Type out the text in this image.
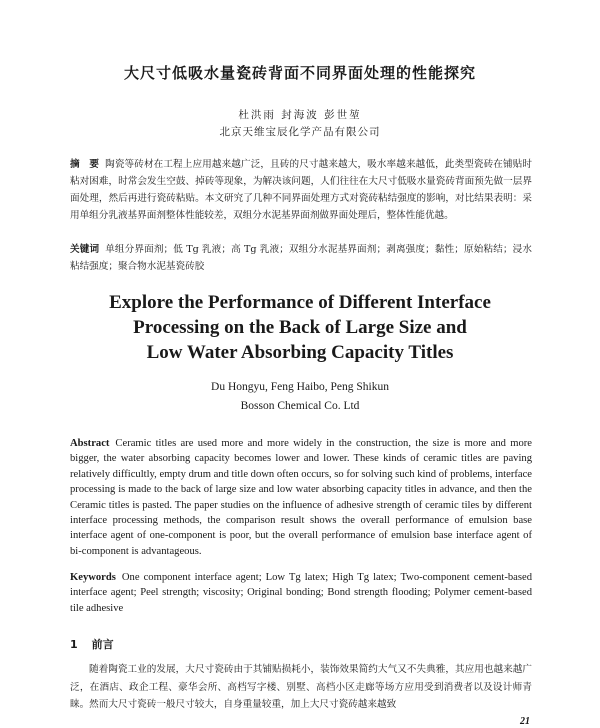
大尺寸低吸水量瓷砖背面不同界面处理的性能探究
杜洪雨 封海波 彭世堃
北京天维宝辰化学产品有限公司
摘　要 陶瓷等砖材在工程上应用越来越广泛，且砖的尺寸越来越大，吸水率越来越低，此类型瓷砖在铺贴时粘对困难，时常会发生空鼓、掉砖等现象，为解决该问题，人们往往在大尺寸低吸水量瓷砖背面预先做一层界面处理，然后再进行瓷砖粘贴。本文研究了几种不同界面处理方式对瓷砖粘结强度的影响，对比结果表明：采用单组分乳液基界面剂整体性能较差，双组分水泥基界面剂做界面处理后，整体性能优越。
关键词 单组分界面剂；低 Tg 乳液；高 Tg 乳液；双组分水泥基界面剂；剥离强度；黏性；原始粘结；浸水粘结强度；聚合物水泥基瓷砖胶
Explore the Performance of Different Interface
Processing on the Back of Large Size and
Low Water Absorbing Capacity Titles
Du Hongyu, Feng Haibo, Peng Shikun
Bosson Chemical Co. Ltd
Abstract Ceramic titles are used more and more widely in the construction, the size is more and more bigger, the water absorbing capacity becomes lower and lower. These kinds of ceramic titles are paving relatively difficultly, empty drum and title down often occurs, so for solving such kind of problems, interface processing is made to the back of large size and low water absorbing capacity titles in advance, and then the Ceramic titles is pasted. The paper studies on the influence of adhesive strength of ceramic tiles by different interface processing methods, the comparison result shows the overall performance of emulsion base interface agent of one-component is poor, but the overall performance of emulsion base interface agent of bi-component is advantageous.
Keywords One component interface agent; Low Tg latex; High Tg latex; Two-component cement-based interface agent; Peel strength; viscosity; Original bonding; Bond strength flooding; Polymer cement-based tile adhesive
1 前言
随着陶瓷工业的发展，大尺寸瓷砖由于其铺贴损耗小，装饰效果简约大气又不失典雅，其应用也越来越广泛，在酒店、政企工程、豪华会所、高档写字楼、别墅、高档小区走廊等场方应用受到消费者以及设计师青睐。然而大尺寸瓷砖一般尺寸较大，自身重量较重，加上大尺寸瓷砖越来越致
21
